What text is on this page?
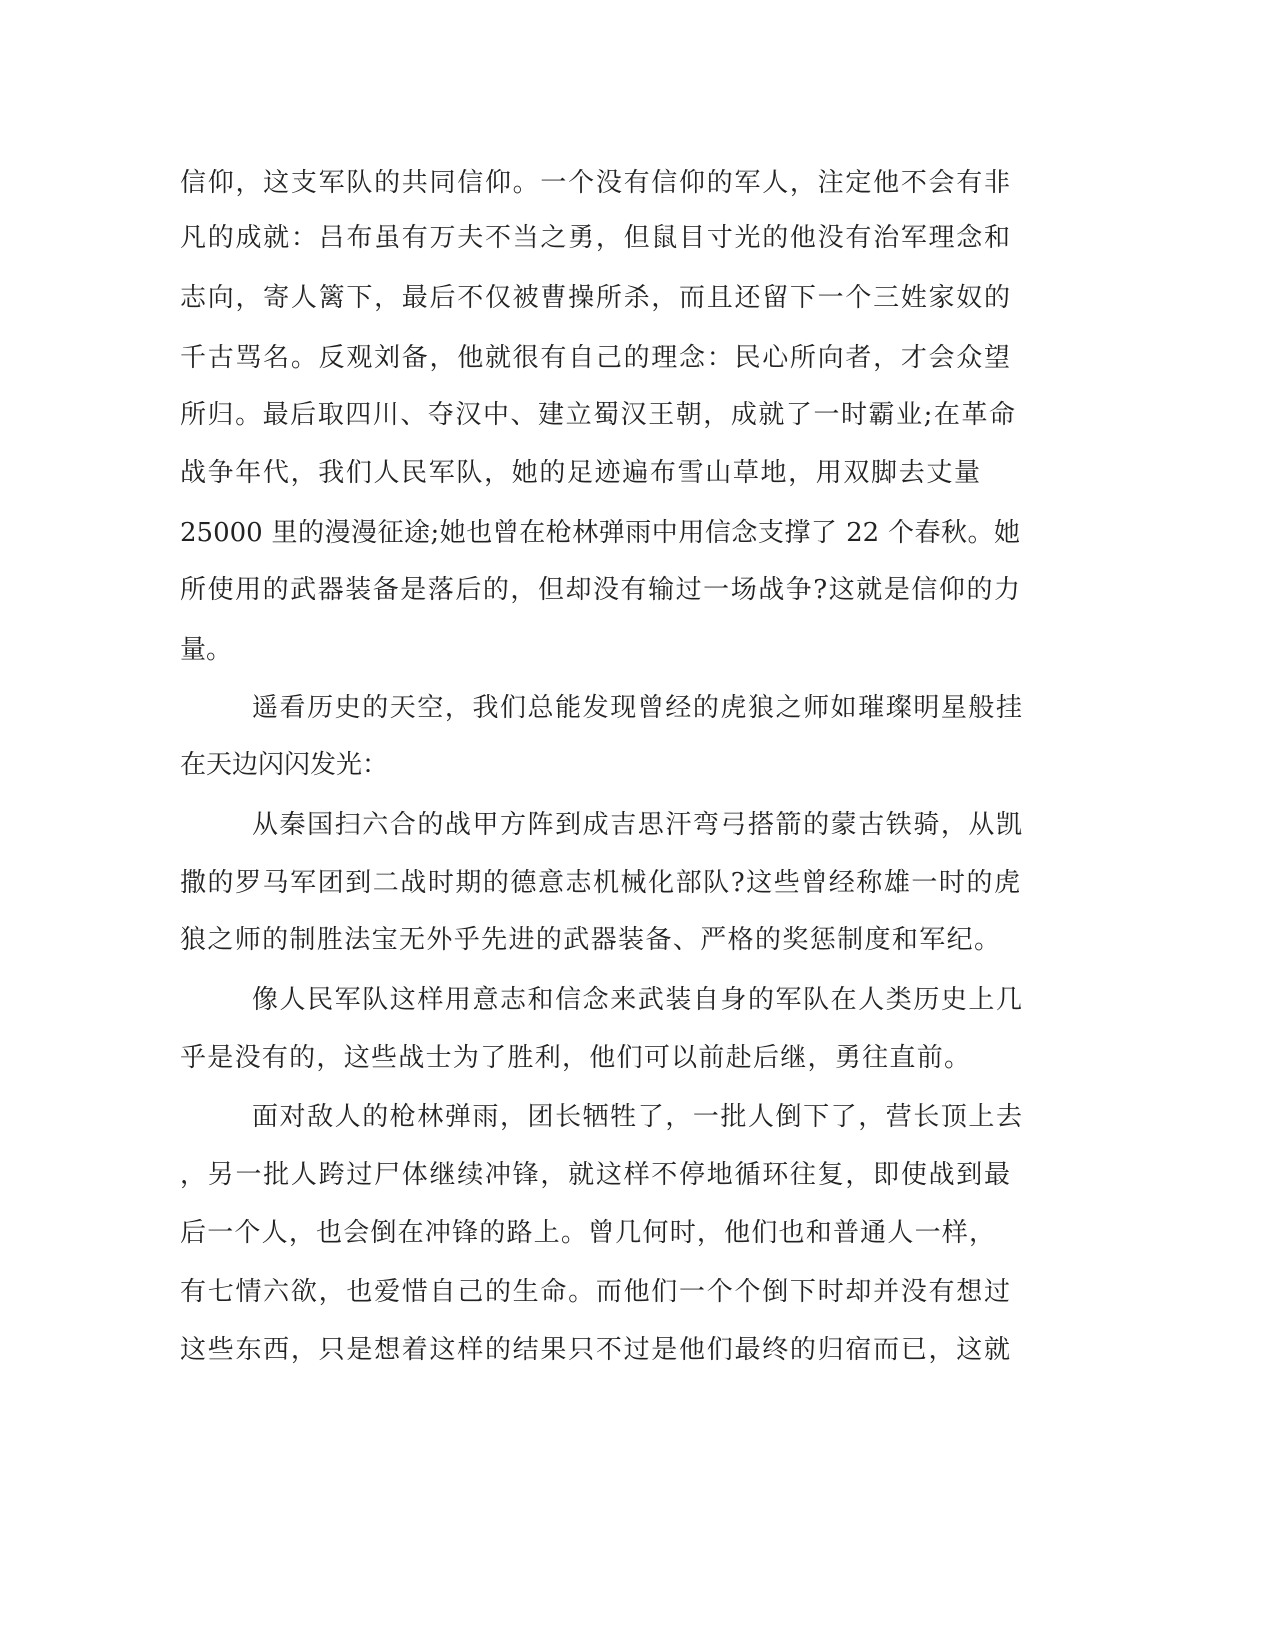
信仰，这支军队的共同信仰。一个没有信仰的军人，注定他不会有非
凡的成就：吕布虽有万夫不当之勇，但鼠目寸光的他没有治军理念和
志向，寄人篱下，最后不仅被曹操所杀，而且还留下一个三姓家奴的
千古骂名。反观刘备，他就很有自己的理念：民心所向者，才会众望
所归。最后取四川、夺汉中、建立蜀汉王朝，成就了一时霸业;在革命
战争年代，我们人民军队，她的足迹遍布雪山草地，用双脚去丈量
25000 里的漫漫征途;她也曾在枪林弹雨中用信念支撑了 22 个春秋。她
所使用的武器装备是落后的，但却没有输过一场战争?这就是信仰的力
量。
遥看历史的天空，我们总能发现曾经的虎狼之师如璀璨明星般挂
在天边闪闪发光：
从秦国扫六合的战甲方阵到成吉思汗弯弓搭箭的蒙古铁骑，从凯
撒的罗马军团到二战时期的德意志机械化部队?这些曾经称雄一时的虎
狼之师的制胜法宝无外乎先进的武器装备、严格的奖惩制度和军纪。
像人民军队这样用意志和信念来武装自身的军队在人类历史上几
乎是没有的，这些战士为了胜利，他们可以前赴后继，勇往直前。
面对敌人的枪林弹雨，团长牺牲了，一批人倒下了，营长顶上去
，另一批人跨过尸体继续冲锋，就这样不停地循环往复，即使战到最
后一个人，也会倒在冲锋的路上。曾几何时，他们也和普通人一样，
有七情六欲，也爱惜自己的生命。而他们一个个倒下时却并没有想过
这些东西，只是想着这样的结果只不过是他们最终的归宿而已，这就
